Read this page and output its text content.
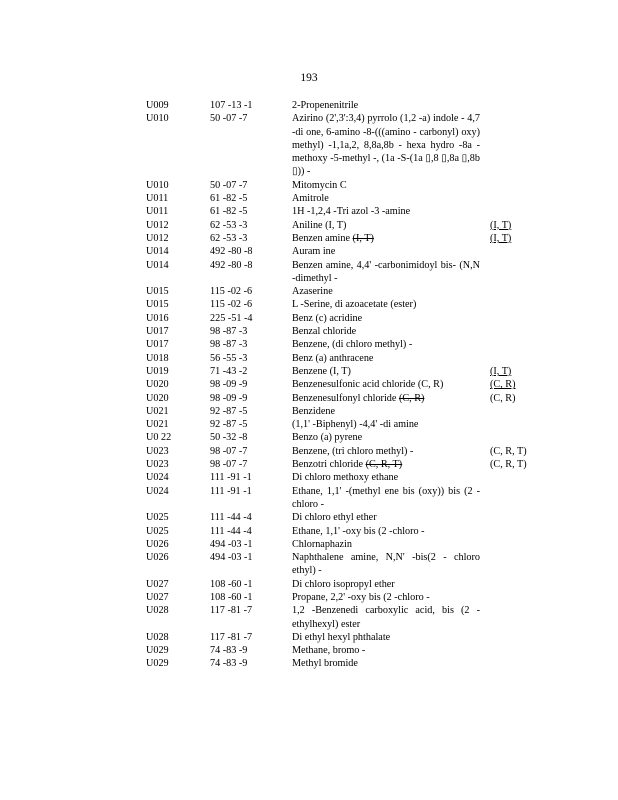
193
U009	107 -13 -1	2-Propenenitrile
U010	50 -07 -7	Azirino (2',3':3,4) pyrrolo (1,2 -a) indole - 4,7 -di one, 6-amino -8-(((amino - carbonyl) oxy) methyl) -1,1a,2, 8,8a,8b - hexa hydro -8a -methoxy -5-methyl -, (1a -S-(1a ▯,8 ▯,8a ▯,8b ▯)) -
U010	50 -07 -7	Mitomycin C
U011	61 -82 -5	Amitrole
U011	61 -82 -5	1H -1,2,4 -Tri azol -3 -amine
U012	62 -53 -3	Aniline (I, T)	(I, T)
U012	62 -53 -3	Benzen amine (I, T)	(I, T)
U014	492 -80 -8	Auram ine
U014	492 -80 -8	Benzen amine, 4,4' -carbonimidoyl bis- (N,N -dimethyl -
U015	115 -02 -6	Azaserine
U015	115 -02 -6	L -Serine, di azoacetate (ester)
U016	225 -51 -4	Benz (c) acridine
U017	98 -87 -3	Benzal chloride
U017	98 -87 -3	Benzene, (di chloro methyl) -
U018	56 -55 -3	Benz (a) anthracene
U019	71 -43 -2	Benzene (I, T)	(I, T)
U020	98 -09 -9	Benzenesulfonic acid chloride (C, R)	(C, R)
U020	98 -09 -9	Benzenesulfonyl chloride (C, R)	(C, R)
U021	92 -87 -5	Benzidene
U021	92 -87 -5	(1,1' -Biphenyl) -4,4' -di amine
U0 22	50 -32 -8	Benzo (a) pyrene
U023	98 -07 -7	Benzene, (tri chloro methyl) -	(C, R, T)
U023	98 -07 -7	Benzotri chloride (C, R, T)	(C, R, T)
U024	111 -91 -1	Di chloro methoxy ethane
U024	111 -91 -1	Ethane, 1,1' -(methyl ene bis (oxy)) bis (2 - chloro -
U025	111 -44 -4	Di chloro ethyl ether
U025	111 -44 -4	Ethane, 1,1' -oxy bis (2 -chloro -
U026	494 -03 -1	Chlornaphazin
U026	494 -03 -1	Naphthalene amine, N,N' -bis(2 - chloro ethyl) -
U027	108 -60 -1	Di chloro isopropyl ether
U027	108 -60 -1	Propane, 2,2' -oxy bis (2 -chloro -
U028	117 -81 -7	1,2 -Benzenedi carboxylic acid, bis (2 - ethylhexyl) ester
U028	117 -81 -7	Di ethyl hexyl phthalate
U029	74 -83 -9	Methane, bromo -
U029	74 -83 -9	Methyl bromide
